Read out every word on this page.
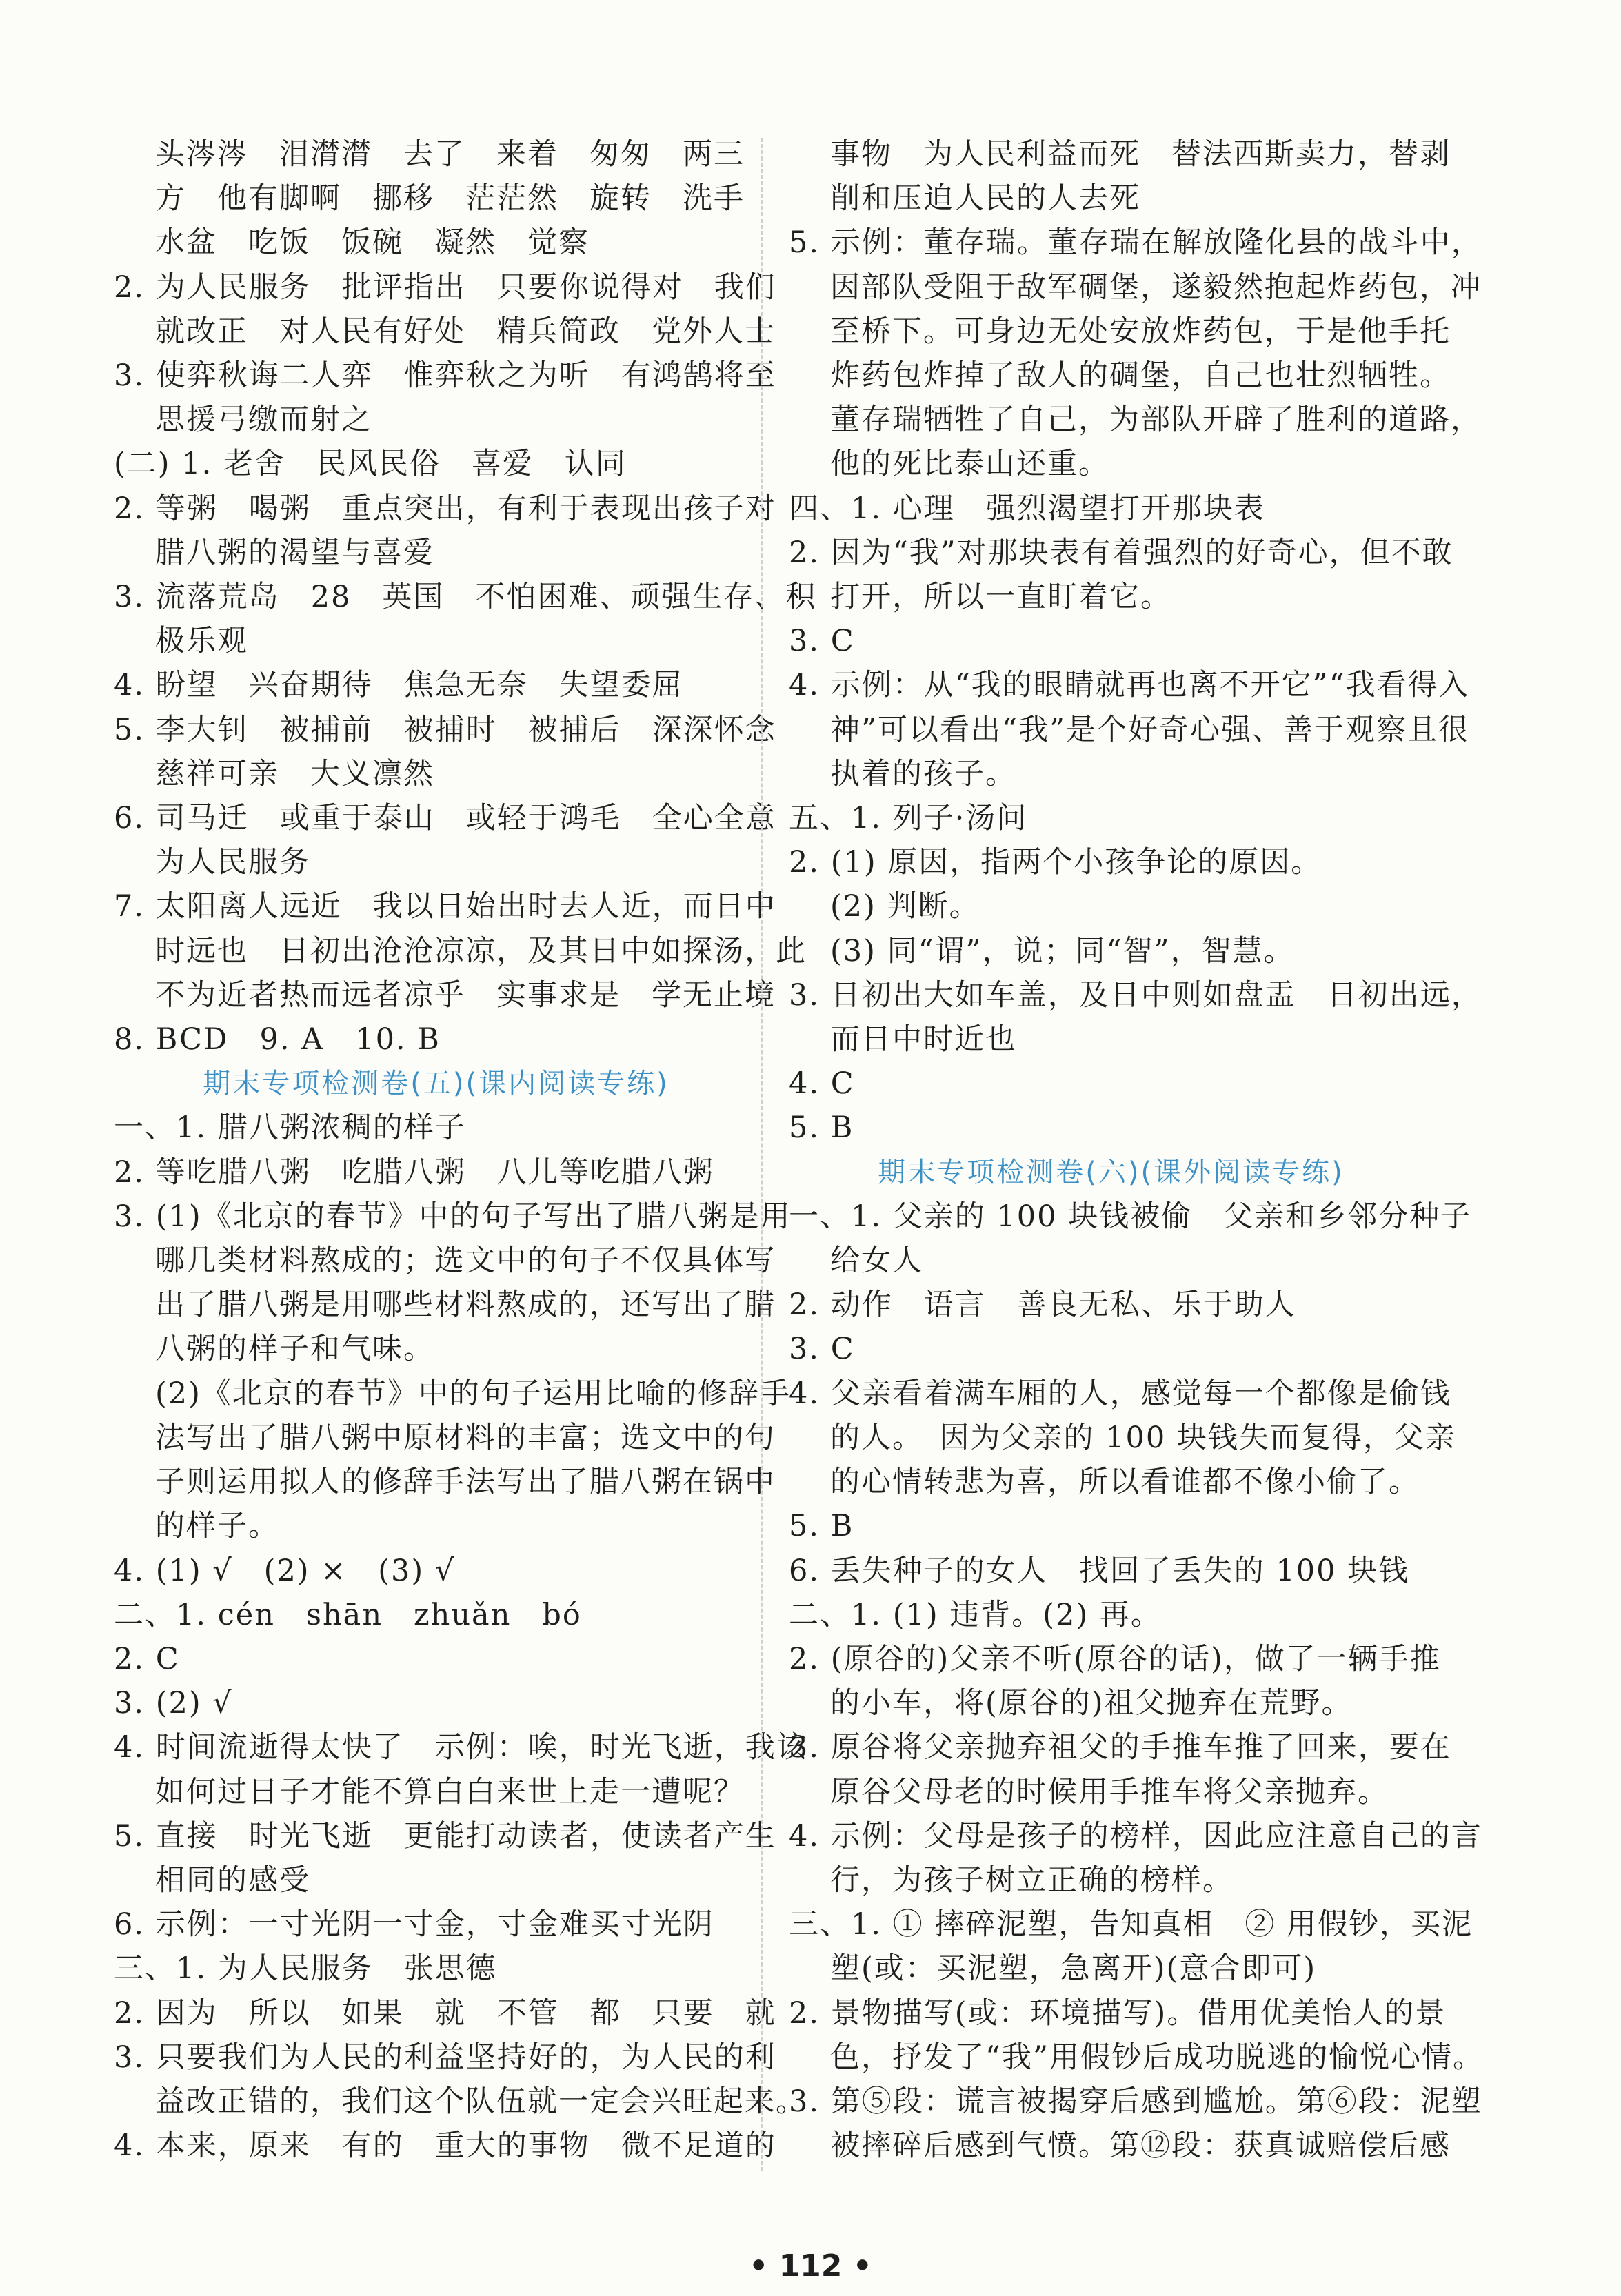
头涔涔　泪潸潸　去了　来着　匆匆　两三
方　他有脚啊　挪移　茫茫然　旋转　洗手
水盆　吃饭　饭碗　凝然　觉察
2. 为人民服务　批评指出　只要你说得对　我们
就改正　对人民有好处　精兵简政　党外人士
3. 使弈秋诲二人弈　惟弈秋之为听　有鸿鹄将至
思援弓缴而射之
(二) 1. 老舍　民风民俗　喜爱　认同
2. 等粥　喝粥　重点突出，有利于表现出孩子对
腊八粥的渴望与喜爱
3. 流落荒岛　28　英国　不怕困难、顽强生存、积
极乐观
4. 盼望　兴奋期待　焦急无奈　失望委屈
5. 李大钊　被捕前　被捕时　被捕后　深深怀念
慈祥可亲　大义凛然
6. 司马迁　或重于泰山　或轻于鸿毛　全心全意
为人民服务
7. 太阳离人远近　我以日始出时去人近，而日中
时远也　日初出沧沧凉凉，及其日中如探汤，此
不为近者热而远者凉乎　实事求是　学无止境
8. BCD　9. A　10. B
期末专项检测卷(五)(课内阅读专练)
一、1. 腊八粥浓稠的样子
2. 等吃腊八粥　吃腊八粥　八儿等吃腊八粥
3. (1)《北京的春节》中的句子写出了腊八粥是用
哪几类材料熬成的；选文中的句子不仅具体写
出了腊八粥是用哪些材料熬成的，还写出了腊
八粥的样子和气味。
(2)《北京的春节》中的句子运用比喻的修辞手
法写出了腊八粥中原材料的丰富；选文中的句
子则运用拟人的修辞手法写出了腊八粥在锅中
的样子。
4. (1) √　(2) ×　(3) √
二、1. cén　shān　zhuǎn　bó
2. C
3. (2) √
4. 时间流逝得太快了　示例：唉，时光飞逝，我该
如何过日子才能不算白白来世上走一遭呢？
5. 直接　时光飞逝　更能打动读者，使读者产生
相同的感受
6. 示例：一寸光阴一寸金，寸金难买寸光阴
三、1. 为人民服务　张思德
2. 因为　所以　如果　就　不管　都　只要　就
3. 只要我们为人民的利益坚持好的，为人民的利
益改正错的，我们这个队伍就一定会兴旺起来。
4. 本来，原来　有的　重大的事物　微不足道的
事物　为人民利益而死　替法西斯卖力，替剥
削和压迫人民的人去死
5. 示例：董存瑞。董存瑞在解放隆化县的战斗中，
因部队受阻于敌军碉堡，遂毅然抱起炸药包，冲
至桥下。可身边无处安放炸药包，于是他手托
炸药包炸掉了敌人的碉堡，自己也壮烈牺牲。
董存瑞牺牲了自己，为部队开辟了胜利的道路，
他的死比泰山还重。
四、1. 心理　强烈渴望打开那块表
2. 因为“我”对那块表有着强烈的好奇心，但不敢
打开，所以一直盯着它。
3. C
4. 示例：从“我的眼睛就再也离不开它”“我看得入
神”可以看出“我”是个好奇心强、善于观察且很
执着的孩子。
五、1. 列子·汤问
2. (1) 原因，指两个小孩争论的原因。
(2) 判断。
(3) 同“谓”，说；同“智”，智慧。
3. 日初出大如车盖，及日中则如盘盂　日初出远，
而日中时近也
4. C
5. B
期末专项检测卷(六)(课外阅读专练)
一、1. 父亲的 100 块钱被偷　父亲和乡邻分种子
给女人
2. 动作　语言　善良无私、乐于助人
3. C
4. 父亲看着满车厢的人，感觉每一个都像是偷钱
的人。　因为父亲的 100 块钱失而复得，父亲
的心情转悲为喜，所以看谁都不像小偷了。
5. B
6. 丢失种子的女人　找回了丢失的 100 块钱
二、1. (1) 违背。(2) 再。
2. (原谷的)父亲不听(原谷的话)，做了一辆手推
的小车，将(原谷的)祖父抛弃在荒野。
3. 原谷将父亲抛弃祖父的手推车推了回来，要在
原谷父母老的时候用手推车将父亲抛弃。
4. 示例：父母是孩子的榜样，因此应注意自己的言
行，为孩子树立正确的榜样。
三、1. ① 摔碎泥塑，告知真相　② 用假钞，买泥
塑(或：买泥塑，急离开)(意合即可)
2. 景物描写(或：环境描写)。借用优美怡人的景
色，抒发了“我”用假钞后成功脱逃的愉悦心情。
3. 第⑤段：谎言被揭穿后感到尴尬。第⑥段：泥塑
被摔碎后感到气愤。第⑫段：获真诚赔偿后感
• 112 •
